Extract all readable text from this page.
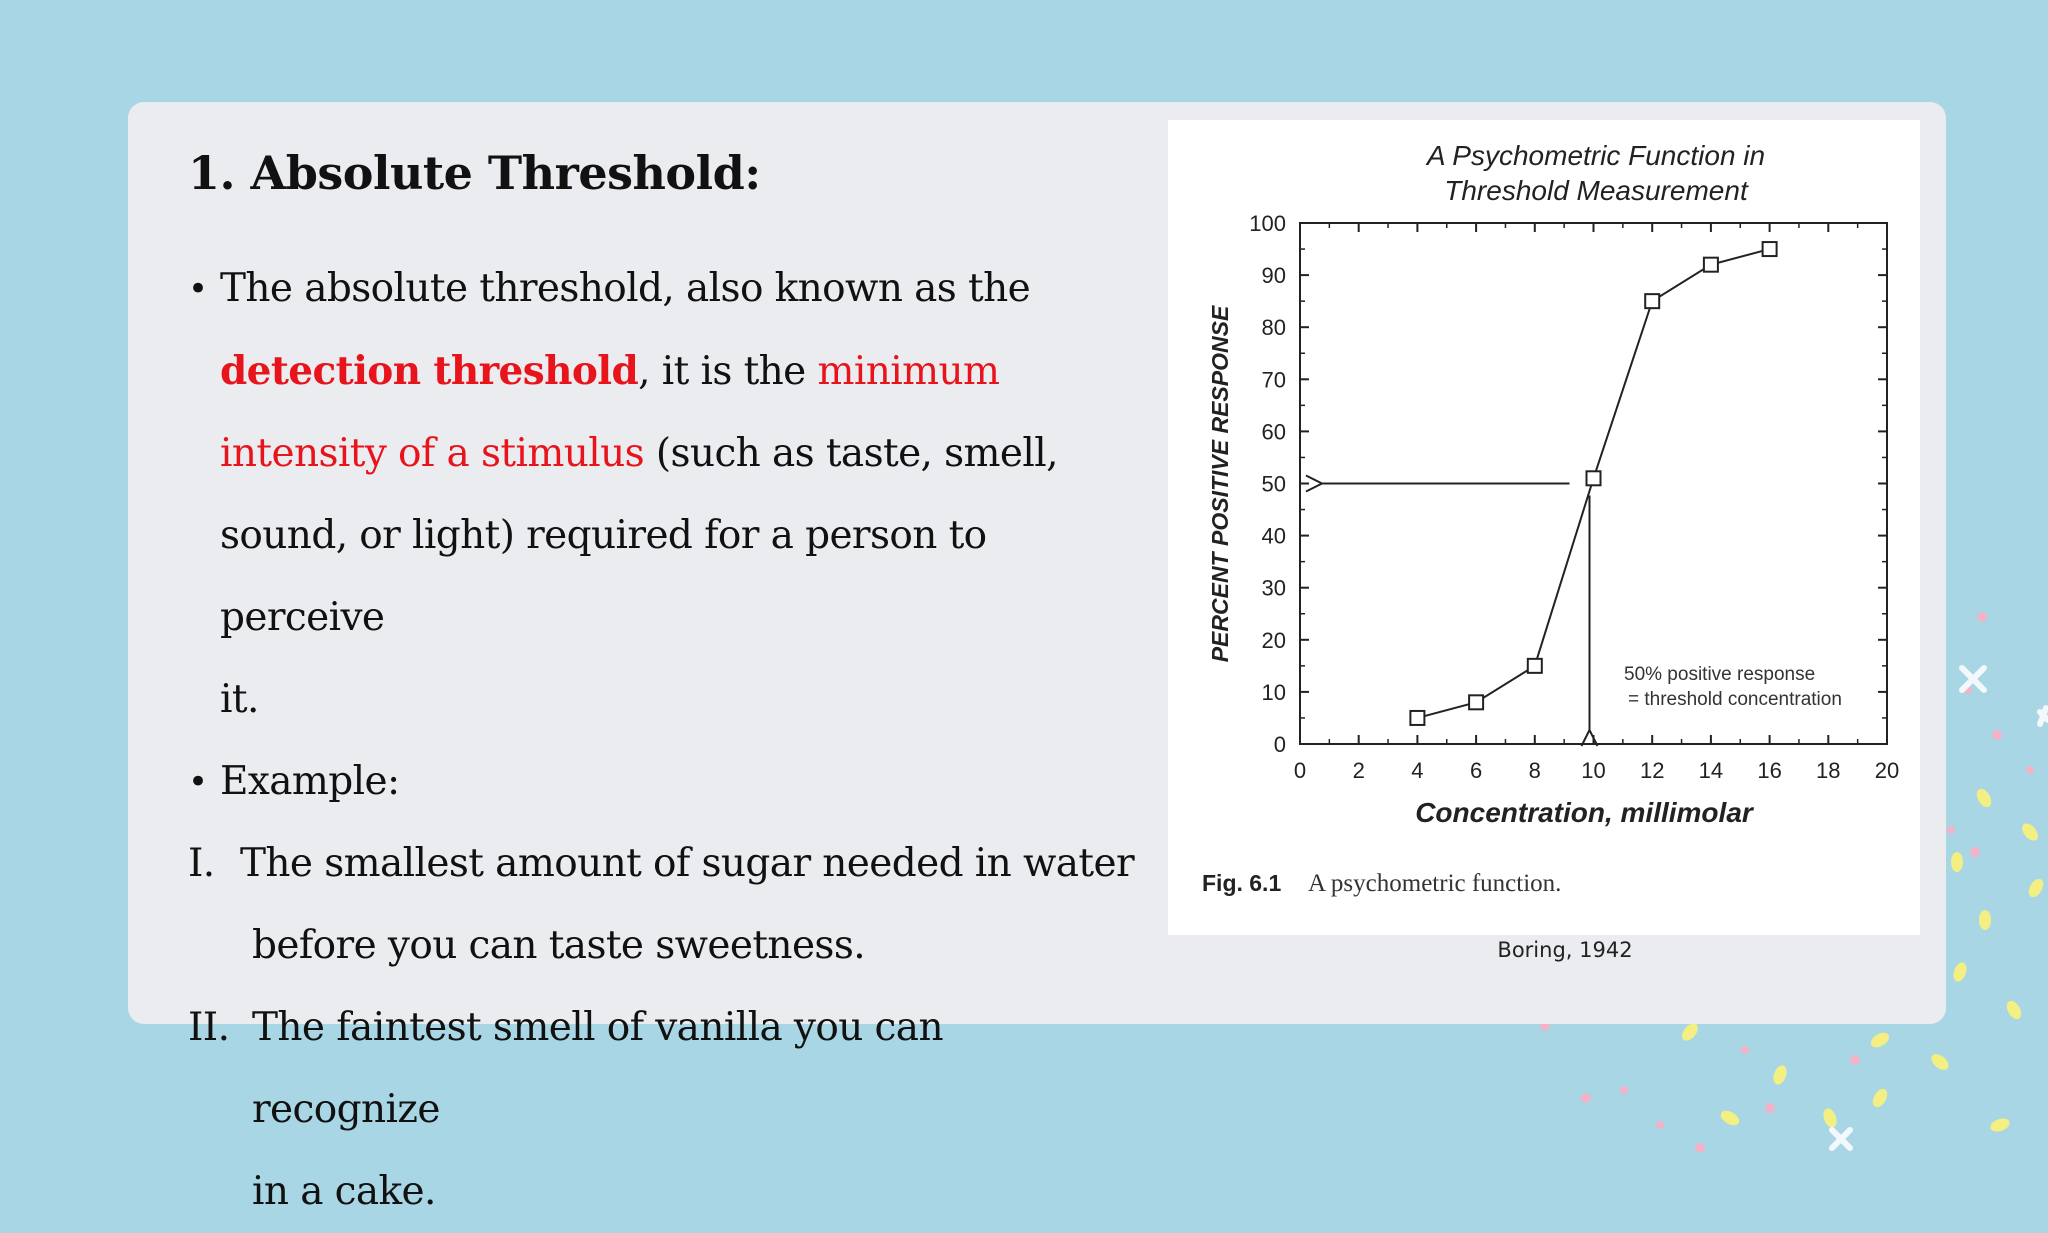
1. Absolute Threshold:
• The absolute threshold, also known as the
detection threshold, it is the minimum
intensity of a stimulus (such as taste, smell,
sound, or light) required for a person to perceive
it.
• Example:
I. The smallest amount of sugar needed in water
before you can taste sweetness.
II. The faintest smell of vanilla you can recognize
in a cake.
A Psychometric Function in
Threshold Measurement
0
10
20
30
40
50
60
70
80
90
100
0 2 4 6 8 10 12 14 16 18 20
PERCENT POSITIVE RESPONSE
Concentration, millimolar
50% positive response
= threshold concentration
Fig. 6.1 A psychometric function.
Boring, 1942
